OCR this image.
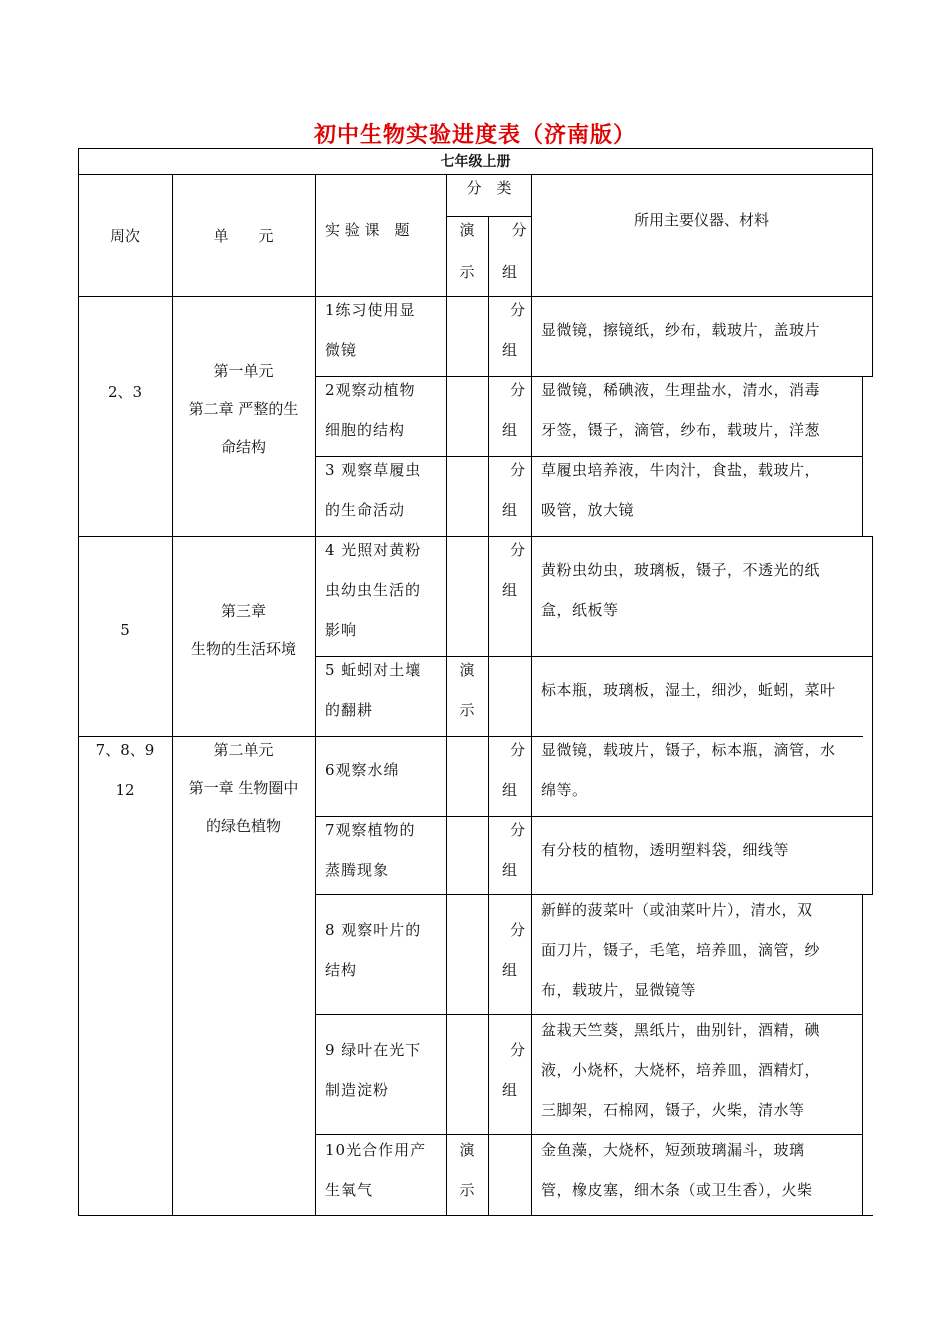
初中生物实验进度表（济南版）
七年级上册
周次	单　　元	实 验 课　题
分　类
演
示
分
组
所用主要仪器、材料
2、3
第一单元
第二章 严整的生
命结构
5
第三章
生物的生活环境
7、8、9
12
第二单元
第一章 生物圈中
的绿色植物
1练习使用显
微镜
分
组
显微镜，擦镜纸，纱布，载玻片，盖玻片
2观察动植物
细胞的结构
分
组
显微镜，稀碘液，生理盐水，清水，消毒
牙签，镊子，滴管，纱布，载玻片，洋葱
3 观察草履虫
的生命活动
分
组
草履虫培养液，牛肉汁，食盐，载玻片，
吸管，放大镜
4 光照对黄粉
虫幼虫生活的
影响
分
组
黄粉虫幼虫，玻璃板，镊子，不透光的纸
盒，纸板等
5 蚯蚓对土壤
的翻耕
演
示
标本瓶，玻璃板，湿土，细沙，蚯蚓，菜叶
6观察水绵
分
组
显微镜，载玻片，镊子，标本瓶，滴管，水
绵等。
7观察植物的
蒸腾现象
分
组
有分枝的植物，透明塑料袋，细线等
8 观察叶片的
结构
分
组
新鲜的菠菜叶（或油菜叶片），清水，双
面刀片，镊子，毛笔，培养皿，滴管，纱
布，载玻片，显微镜等
9 绿叶在光下
制造淀粉
分
组
盆栽天竺葵，黑纸片，曲别针，酒精，碘
液，小烧杯，大烧杯，培养皿，酒精灯，
三脚架，石棉网，镊子，火柴，清水等
10光合作用产
生氧气
演
示
金鱼藻，大烧杯，短颈玻璃漏斗，玻璃
管，橡皮塞，细木条（或卫生香），火柴
